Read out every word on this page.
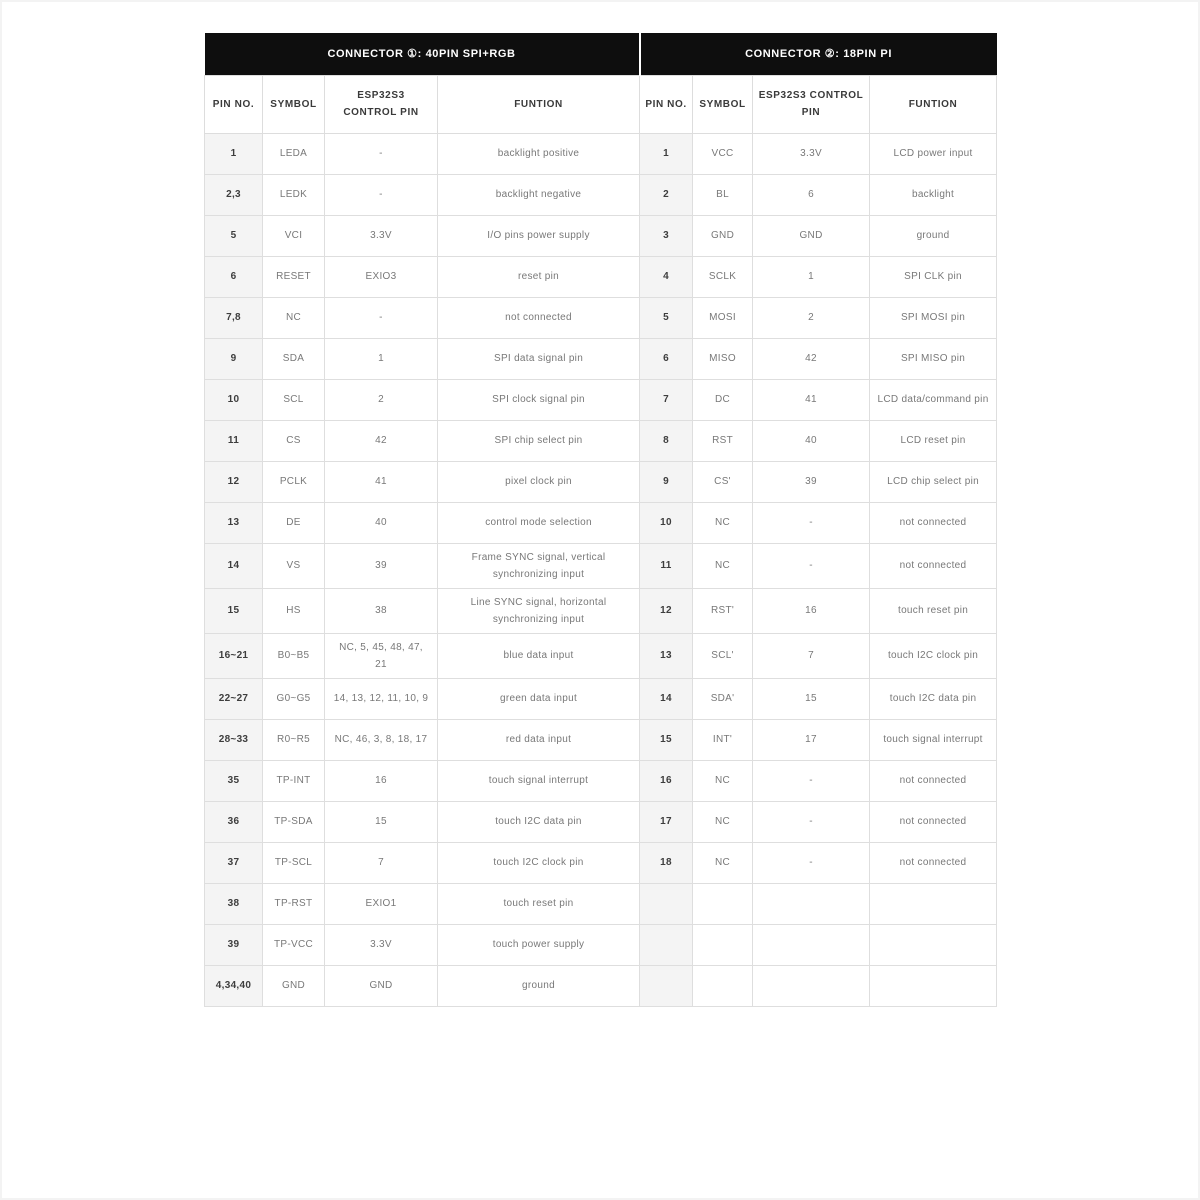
CONNECTOR ①: 40PIN SPI+RGB				CONNECTOR ②: 18PIN PI			
PIN NO.	SYMBOL	ESP32S3 CONTROL PIN	FUNTION	PIN NO.	SYMBOL	ESP32S3 CONTROL PIN	FUNTION
1	LEDA	-	backlight positive	1	VCC	3.3V	LCD power input
2,3	LEDK	-	backlight negative	2	BL	6	backlight
5	VCI	3.3V	I/O pins power supply	3	GND	GND	ground
6	RESET	EXIO3	reset pin	4	SCLK	1	SPI CLK pin
7,8	NC	-	not connected	5	MOSI	2	SPI MOSI pin
9	SDA	1	SPI data signal pin	6	MISO	42	SPI MISO pin
10	SCL	2	SPI clock signal pin	7	DC	41	LCD data/command pin
11	CS	42	SPI chip select pin	8	RST	40	LCD reset pin
12	PCLK	41	pixel clock pin	9	CS'	39	LCD chip select pin
13	DE	40	control mode selection	10	NC	-	not connected
14	VS	39	Frame SYNC signal, vertical synchronizing input	11	NC	-	not connected
15	HS	38	Line SYNC signal, horizontal synchronizing input	12	RST'	16	touch reset pin
16~21	B0~B5	NC, 5, 45, 48, 47, 21	blue data input	13	SCL'	7	touch I2C clock pin
22~27	G0~G5	14, 13, 12, 11, 10, 9	green data input	14	SDA'	15	touch I2C data pin
28~33	R0~R5	NC, 46, 3, 8, 18, 17	red data input	15	INT'	17	touch signal interrupt
35	TP-INT	16	touch signal interrupt	16	NC	-	not connected
36	TP-SDA	15	touch I2C data pin	17	NC	-	not connected
37	TP-SCL	7	touch I2C clock pin	18	NC	-	not connected
38	TP-RST	EXIO1	touch reset pin				
39	TP-VCC	3.3V	touch power supply				
4,34,40	GND	GND	ground				
